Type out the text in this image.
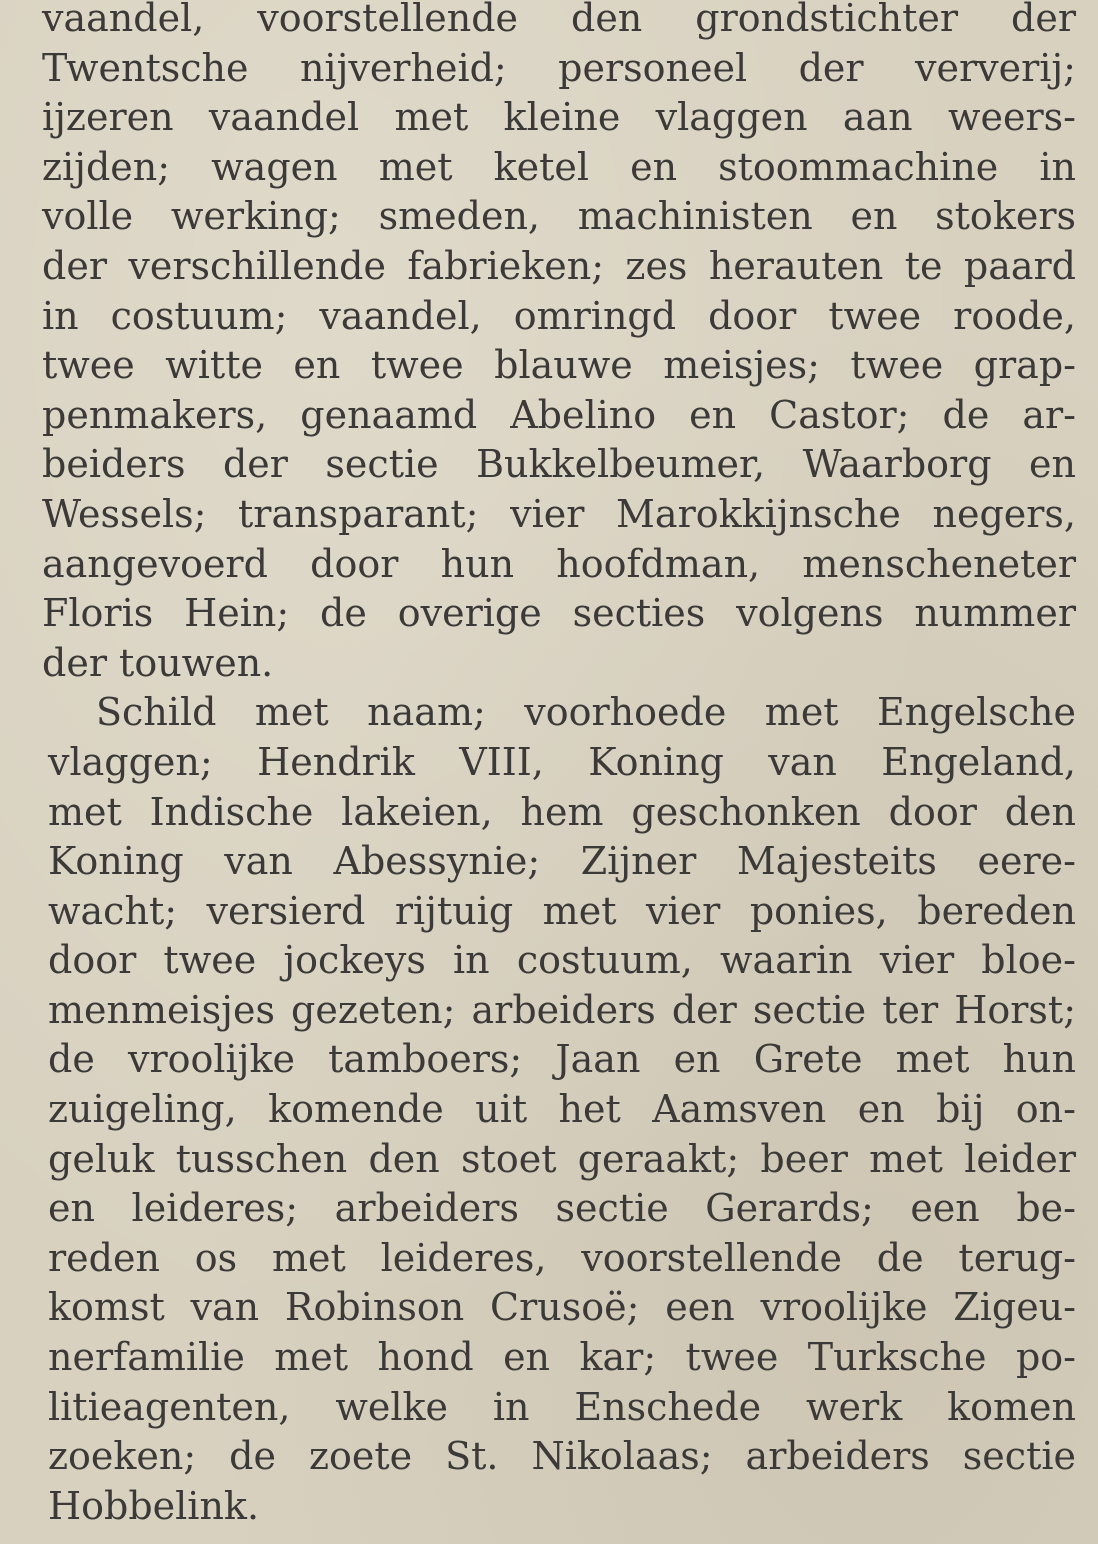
vaandel, voorstellende den grondstichter der
Twentsche nijverheid; personeel der ververij;
ijzeren vaandel met kleine vlaggen aan weers-
zijden; wagen met ketel en stoommachine in
volle werking; smeden, machinisten en stokers
der verschillende fabrieken; zes herauten te paard
in costuum; vaandel, omringd door twee roode,
twee witte en twee blauwe meisjes; twee grap-
penmakers, genaamd Abelino en Castor; de ar-
beiders der sectie Bukkelbeumer, Waarborg en
Wessels; transparant; vier Marokkijnsche negers,
aangevoerd door hun hoofdman, menscheneter
Floris Hein; de overige secties volgens nummer
der touwen.
Schild met naam; voorhoede met Engelsche
vlaggen; Hendrik VIII, Koning van Engeland,
met Indische lakeien, hem geschonken door den
Koning van Abessynie; Zijner Majesteits eere-
wacht; versierd rijtuig met vier ponies, bereden
door twee jockeys in costuum, waarin vier bloe-
menmeisjes gezeten; arbeiders der sectie ter Horst;
de vroolijke tamboers; Jaan en Grete met hun
zuigeling, komende uit het Aamsven en bij on-
geluk tusschen den stoet geraakt; beer met leider
en leideres; arbeiders sectie Gerards; een be-
reden os met leideres, voorstellende de terug-
komst van Robinson Crusoë; een vroolijke Zigeu-
nerfamilie met hond en kar; twee Turksche po-
litieagenten, welke in Enschede werk komen
zoeken; de zoete St. Nikolaas; arbeiders sectie
Hobbelink.
